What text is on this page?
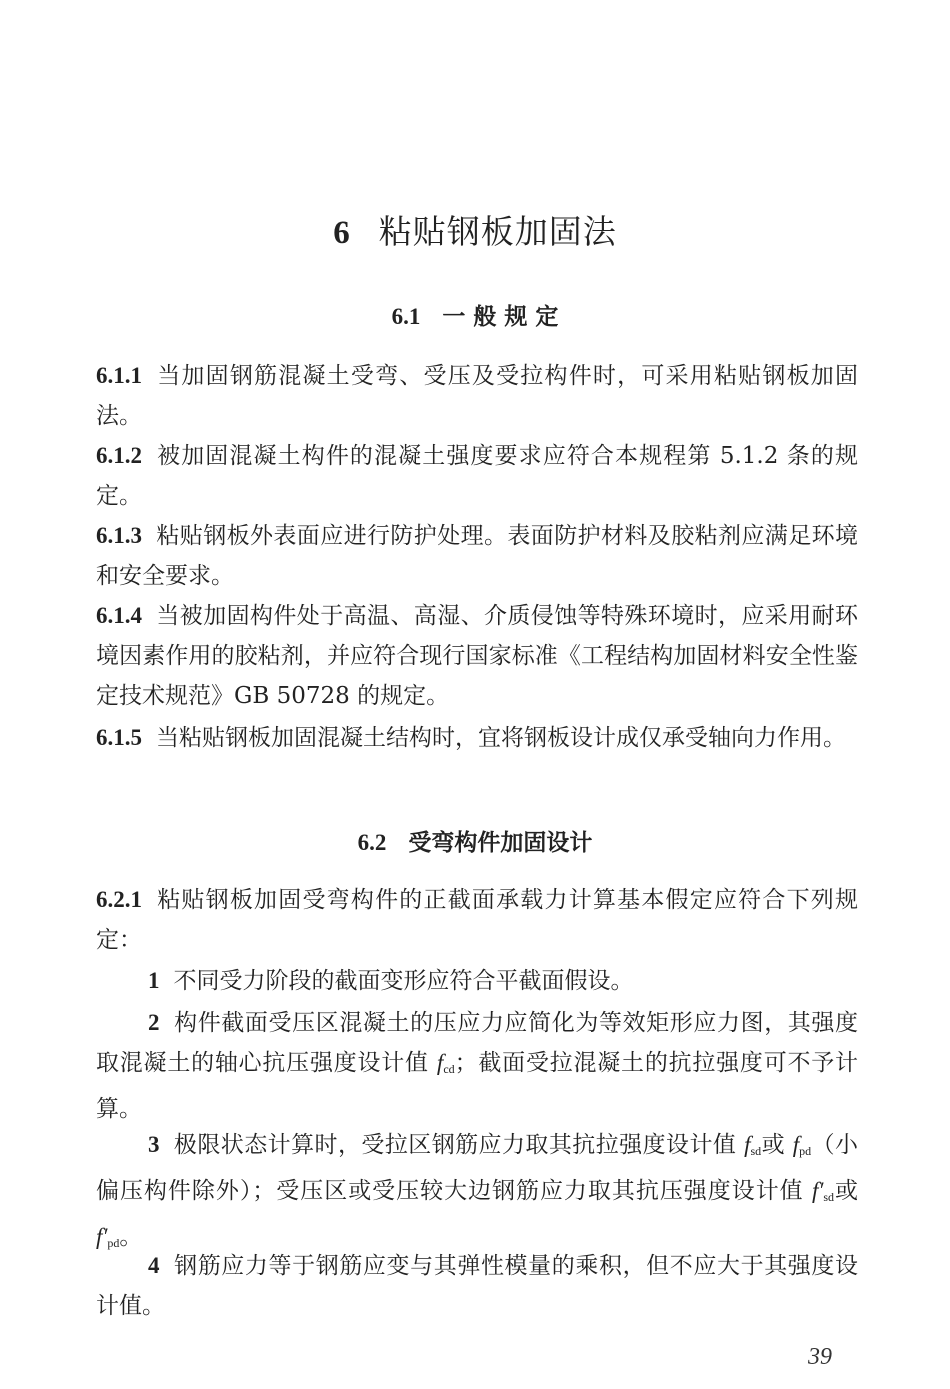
6 粘贴钢板加固法
6.1 一 般 规 定
6.1.1 当加固钢筋混凝土受弯、受压及受拉构件时，可采用粘贴钢板加固法。
6.1.2 被加固混凝土构件的混凝土强度要求应符合本规程第 5.1.2 条的规定。
6.1.3 粘贴钢板外表面应进行防护处理。表面防护材料及胶粘剂应满足环境和安全要求。
6.1.4 当被加固构件处于高温、高湿、介质侵蚀等特殊环境时，应采用耐环境因素作用的胶粘剂，并应符合现行国家标准《工程结构加固材料安全性鉴定技术规范》GB 50728 的规定。
6.1.5 当粘贴钢板加固混凝土结构时，宜将钢板设计成仅承受轴向力作用。
6.2 受弯构件加固设计
6.2.1 粘贴钢板加固受弯构件的正截面承载力计算基本假定应符合下列规定：
1 不同受力阶段的截面变形应符合平截面假设。
2 构件截面受压区混凝土的压应力应简化为等效矩形应力图，其强度取混凝土的轴心抗压强度设计值 $f_{cd}$；截面受拉混凝土的抗拉强度可不予计算。
3 极限状态计算时，受拉区钢筋应力取其抗拉强度设计值 $f_{sd}$或 $f_{pd}$（小偏压构件除外）；受压区或受压较大边钢筋应力取其抗压强度设计值 $f'_{sd}$或 $f'_{pd}$。
4 钢筋应力等于钢筋应变与其弹性模量的乘积，但不应大于其强度设计值。
39
